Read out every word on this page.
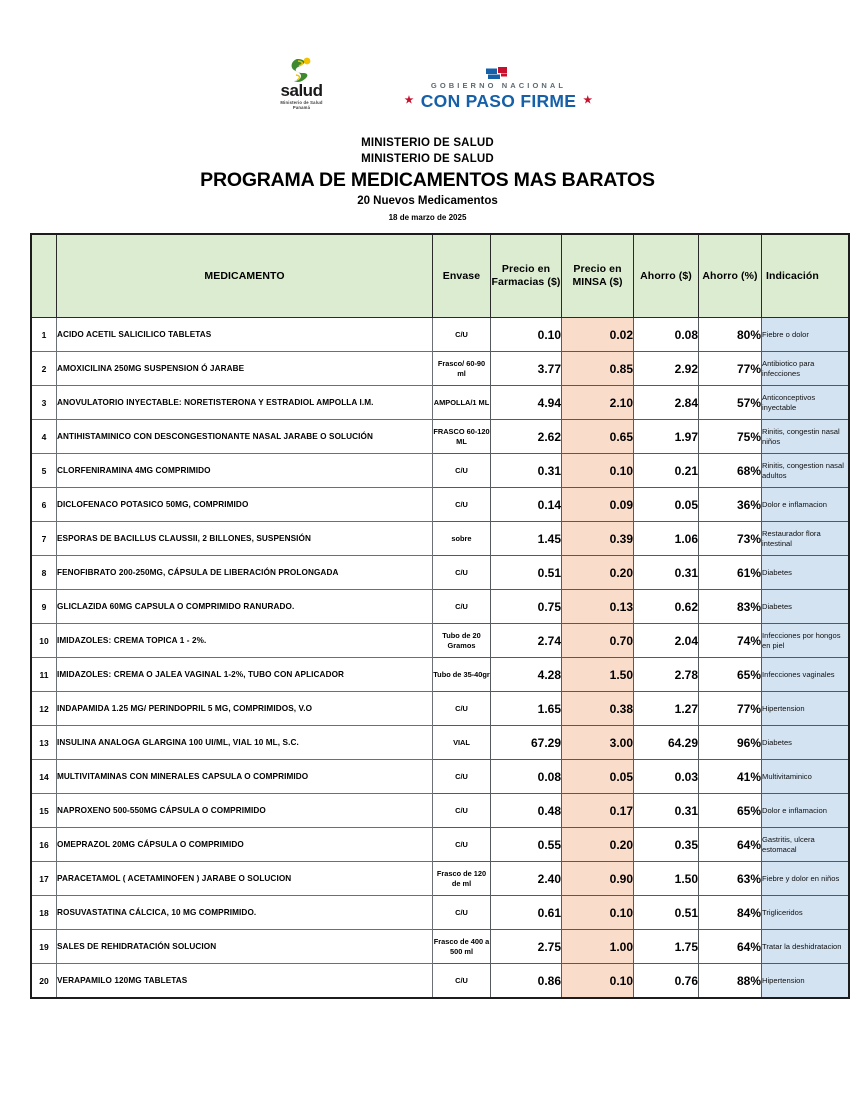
salud
Ministerio de Salud
Panamá
GOBIERNO NACIONAL
★ CON PASO FIRME ★
MINISTERIO DE SALUD
MINISTERIO DE SALUD
PROGRAMA DE MEDICAMENTOS MAS BARATOS
20 Nuevos Medicamentos
18 de marzo de 2025
	MEDICAMENTO	Envase	Precio en Farmacias ($)	Precio en MINSA ($)	Ahorro ($)	Ahorro (%)	Indicación
1	ACIDO ACETIL SALICILICO TABLETAS	C/U	0.10	0.02	0.08	80%	Fiebre o dolor
2	AMOXICILINA 250MG SUSPENSION Ó JARABE	Frasco/ 60-90 ml	3.77	0.85	2.92	77%	Antibiotico para infecciones
3	ANOVULATORIO INYECTABLE: NORETISTERONA Y ESTRADIOL AMPOLLA I.M.	AMPOLLA/1 ML	4.94	2.10	2.84	57%	Anticonceptivos inyectable
4	ANTIHISTAMINICO CON DESCONGESTIONANTE NASAL JARABE O SOLUCIÓN	FRASCO 60-120 ML	2.62	0.65	1.97	75%	Rinitis, congestin nasal niños
5	CLORFENIRAMINA 4MG COMPRIMIDO	C/U	0.31	0.10	0.21	68%	Rinitis, congestion nasal adultos
6	DICLOFENACO POTASICO 50MG, COMPRIMIDO	C/U	0.14	0.09	0.05	36%	Dolor e inflamacion
7	ESPORAS DE BACILLUS CLAUSSII, 2 BILLONES, SUSPENSIÓN	sobre	1.45	0.39	1.06	73%	Restaurador flora intestinal
8	FENOFIBRATO 200-250MG, CÁPSULA DE LIBERACIÓN PROLONGADA	C/U	0.51	0.20	0.31	61%	Diabetes
9	GLICLAZIDA 60MG CAPSULA O COMPRIMIDO RANURADO.	C/U	0.75	0.13	0.62	83%	Diabetes
10	IMIDAZOLES: CREMA TOPICA 1 - 2%.	Tubo de 20 Gramos	2.74	0.70	2.04	74%	Infecciones por hongos en piel
11	IMIDAZOLES: CREMA O JALEA VAGINAL 1-2%, TUBO CON APLICADOR	Tubo de 35-40gr	4.28	1.50	2.78	65%	Infecciones vaginales
12	INDAPAMIDA 1.25 MG/ PERINDOPRIL 5 MG, COMPRIMIDOS, V.O	C/U	1.65	0.38	1.27	77%	Hipertension
13	INSULINA ANALOGA GLARGINA 100 UI/ML, VIAL 10 ML, S.C.	VIAL	67.29	3.00	64.29	96%	Diabetes
14	MULTIVITAMINAS CON MINERALES CAPSULA O COMPRIMIDO	C/U	0.08	0.05	0.03	41%	Multivitaminico
15	NAPROXENO 500-550MG CÁPSULA O COMPRIMIDO	C/U	0.48	0.17	0.31	65%	Dolor e inflamacion
16	OMEPRAZOL 20MG CÁPSULA O COMPRIMIDO	C/U	0.55	0.20	0.35	64%	Gastritis, ulcera estomacal
17	PARACETAMOL ( ACETAMINOFEN ) JARABE O SOLUCION	Frasco de 120 de ml	2.40	0.90	1.50	63%	Fiebre y dolor en niños
18	ROSUVASTATINA CÁLCICA, 10 MG COMPRIMIDO.	C/U	0.61	0.10	0.51	84%	Trigliceridos
19	SALES DE REHIDRATACIÓN SOLUCION	Frasco de 400 a 500 ml	2.75	1.00	1.75	64%	Tratar la deshidratacion
20	VERAPAMILO 120MG TABLETAS	C/U	0.86	0.10	0.76	88%	Hipertension
